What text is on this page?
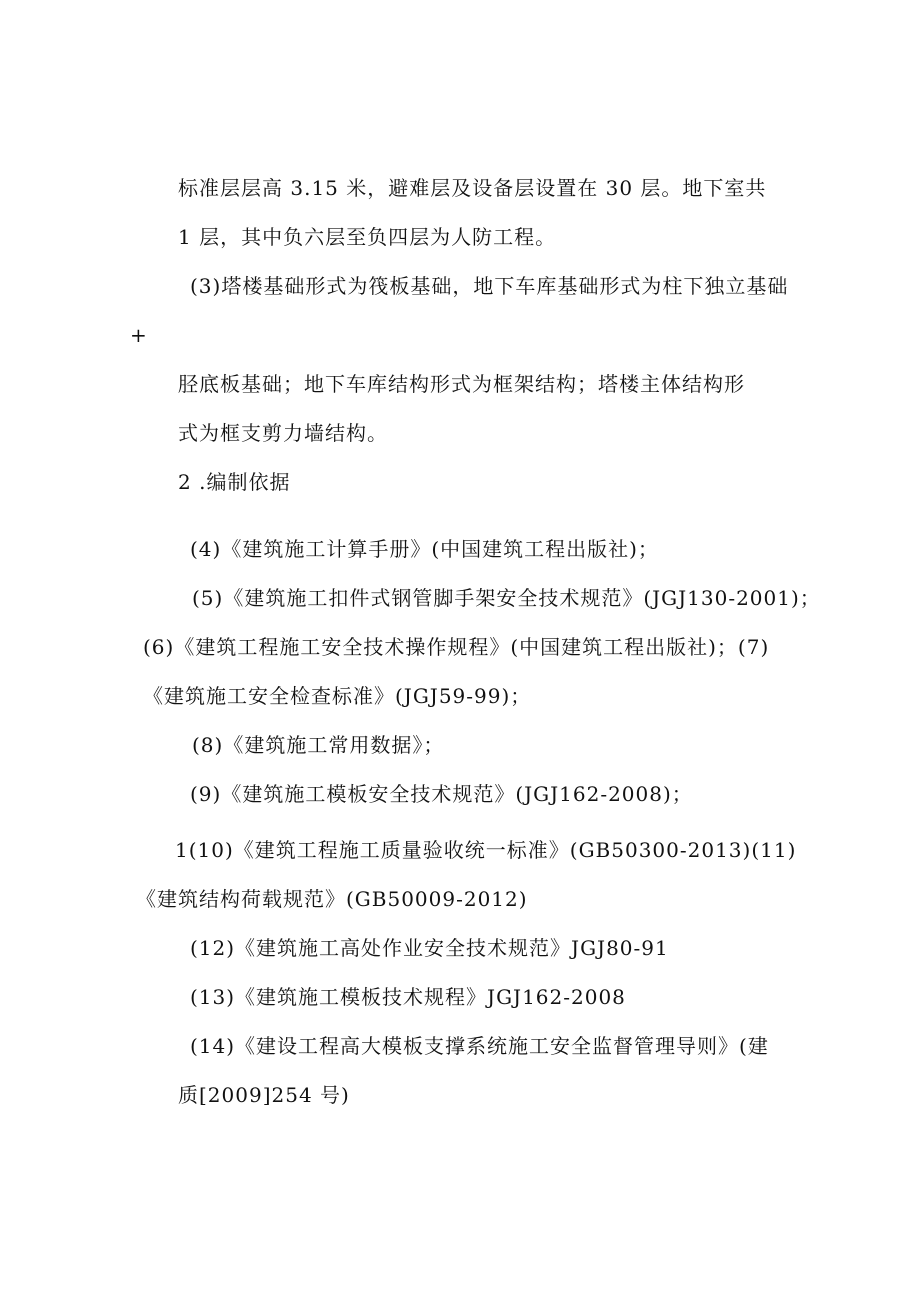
标准层层高 3.15 米，避难层及设备层设置在 30 层。地下室共
1 层，其中负六层至负四层为人防工程。
(3)塔楼基础形式为筏板基础，地下车库基础形式为柱下独立基础
+
胫底板基础；地下车库结构形式为框架结构；塔楼主体结构形
式为框支剪力墙结构。
2 .编制依据
(4)《建筑施工计算手册》(中国建筑工程出版社)；
(5)《建筑施工扣件式钢管脚手架安全技术规范》(JGJ130-2001)；
(6)《建筑工程施工安全技术操作规程》(中国建筑工程出版社)；(7)
《建筑施工安全检查标准》(JGJ59-99)；
(8)《建筑施工常用数据》；
(9)《建筑施工模板安全技术规范》(JGJ162-2008)；
1(10)《建筑工程施工质量验收统一标准》(GB50300-2013)(11)
《建筑结构荷载规范》(GB50009-2012)
(12)《建筑施工高处作业安全技术规范》JGJ80-91
(13)《建筑施工模板技术规程》JGJ162-2008
(14)《建设工程高大模板支撑系统施工安全监督管理导则》(建
质[2009]254 号)
